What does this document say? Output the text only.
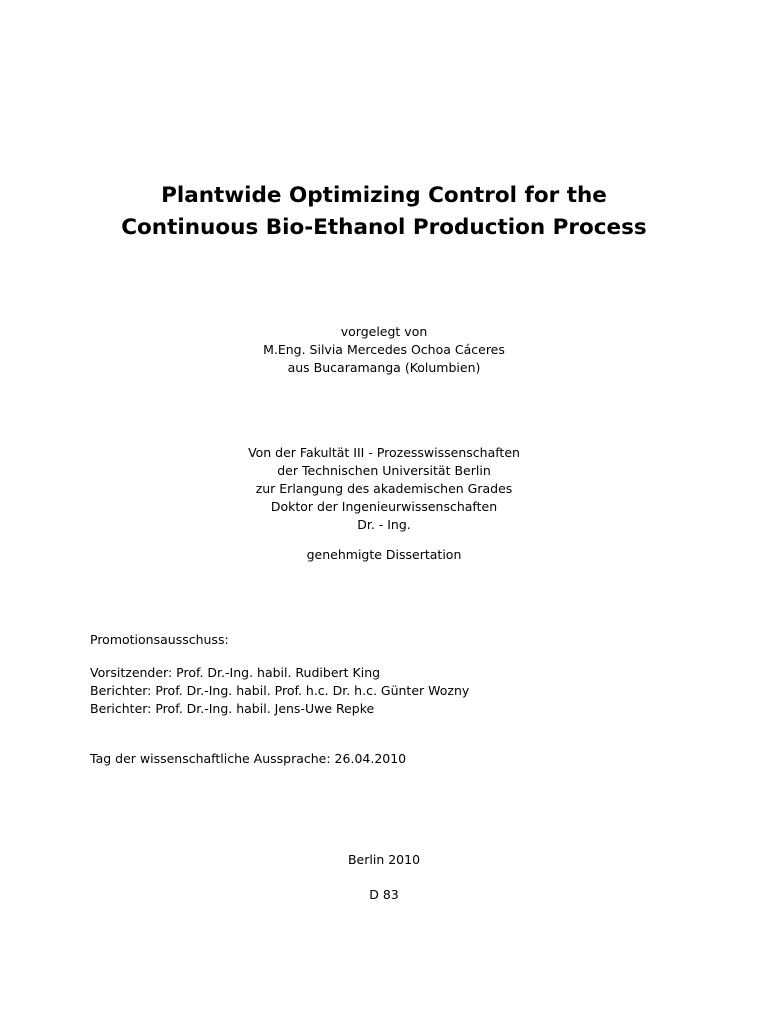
Plantwide Optimizing Control for the
Continuous Bio-Ethanol Production Process
vorgelegt von
M.Eng. Silvia Mercedes Ochoa Cáceres
aus Bucaramanga (Kolumbien)
Von der Fakultät III - Prozesswissenschaften
der Technischen Universität Berlin
zur Erlangung des akademischen Grades
Doktor der Ingenieurwissenschaften
Dr. - Ing.
genehmigte Dissertation
Promotionsausschuss:
Vorsitzender: Prof. Dr.-Ing. habil. Rudibert King
Berichter: Prof. Dr.-Ing. habil. Prof. h.c. Dr. h.c. Günter Wozny
Berichter: Prof. Dr.-Ing. habil. Jens-Uwe Repke
Tag der wissenschaftliche Aussprache: 26.04.2010
Berlin 2010
D 83
